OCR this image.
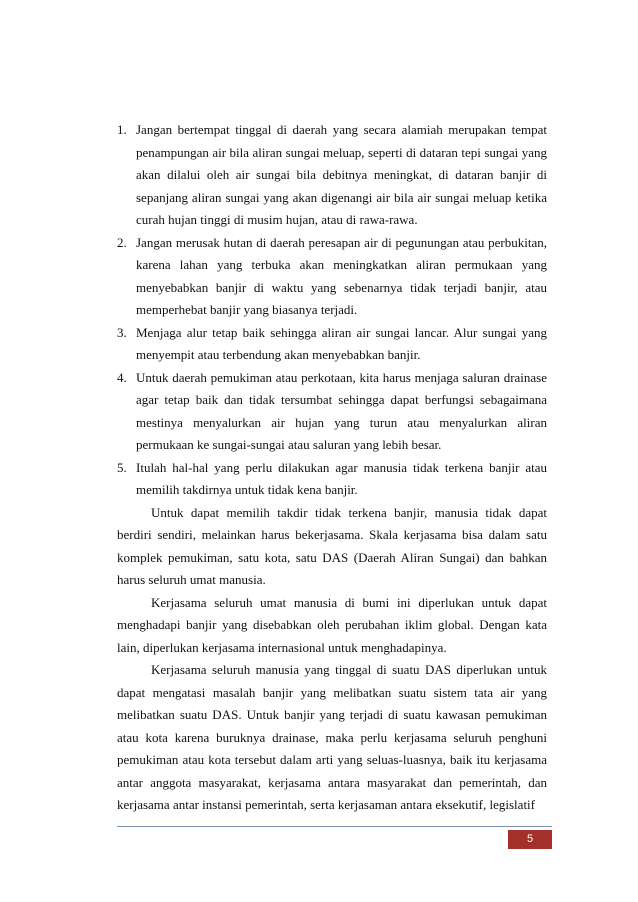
1. Jangan bertempat tinggal di daerah yang secara alamiah merupakan tempat penampungan air bila aliran sungai meluap, seperti di dataran tepi sungai yang akan dilalui oleh air sungai bila debitnya meningkat, di dataran banjir di sepanjang aliran sungai yang akan digenangi air bila air sungai meluap ketika curah hujan tinggi di musim hujan, atau di rawa-rawa.
2. Jangan merusak hutan di daerah peresapan air di pegunungan atau perbukitan, karena lahan yang terbuka akan meningkatkan aliran permukaan yang menyebabkan banjir di waktu yang sebenarnya tidak terjadi banjir, atau memperhebat banjir yang biasanya terjadi.
3. Menjaga alur tetap baik sehingga aliran air sungai lancar. Alur sungai yang menyempit atau terbendung akan menyebabkan banjir.
4. Untuk daerah pemukiman atau perkotaan, kita harus menjaga saluran drainase agar tetap baik dan tidak tersumbat sehingga dapat berfungsi sebagaimana mestinya menyalurkan air hujan yang turun atau menyalurkan aliran permukaan ke sungai-sungai atau saluran yang lebih besar.
5. Itulah hal-hal yang perlu dilakukan agar manusia tidak terkena banjir atau memilih takdirnya untuk tidak kena banjir.

Untuk dapat memilih takdir tidak terkena banjir, manusia tidak dapat berdiri sendiri, melainkan harus bekerjasama. Skala kerjasama bisa dalam satu komplek pemukiman, satu kota, satu DAS (Daerah Aliran Sungai) dan bahkan harus seluruh umat manusia.

Kerjasama seluruh umat manusia di bumi ini diperlukan untuk dapat menghadapi banjir yang disebabkan oleh perubahan iklim global. Dengan kata lain, diperlukan kerjasama internasional untuk menghadapinya.

Kerjasama seluruh manusia yang tinggal di suatu DAS diperlukan untuk dapat mengatasi masalah banjir yang melibatkan suatu sistem tata air yang melibatkan suatu DAS. Untuk banjir yang terjadi di suatu kawasan pemukiman atau kota karena buruknya drainase, maka perlu kerjasama seluruh penghuni pemukiman atau kota tersebut dalam arti yang seluas-luasnya, baik itu kerjasama antar anggota masyarakat, kerjasama antara masyarakat dan pemerintah, dan kerjasama antar instansi pemerintah, serta kerjasaman antara eksekutif, legislatif

5
